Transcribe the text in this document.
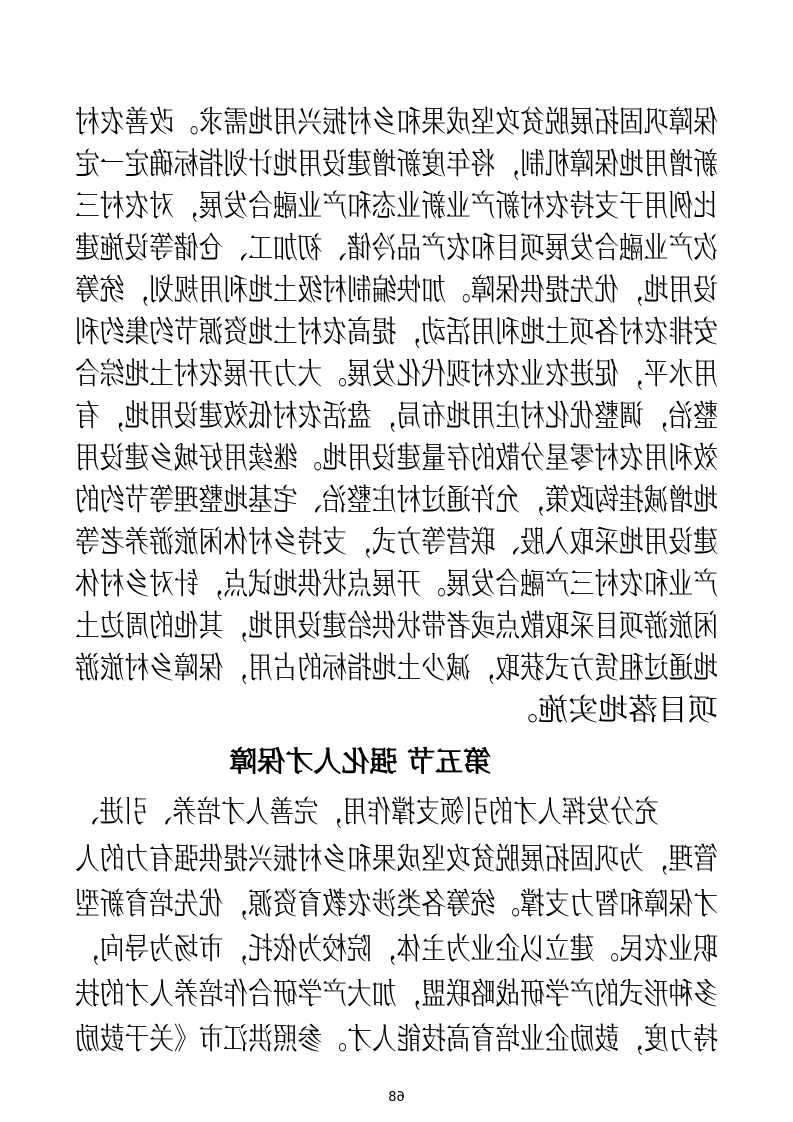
保障巩固拓展脱贫攻坚成果和乡村振兴用地需求。改善农村
新增用地保障机制，将年度新增建设用地计划指标确定一定
比例用于支持农村新产业新业态和产业融合发展，对农村三
次产业融合发展项目和农产品冷储、初加工、仓储等设施建
设用地，优先提供保障。加快编制村级土地利用规划，统筹
安排农村各项土地利用活动，提高农村土地资源节约集约利
用水平，促进农业农村现代化发展。大力开展农村土地综合
整治，调整优化村庄用地布局，盘活农村低效建设用地，有
效利用农村零星分散的存量建设用地。继续用好城乡建设用
地增减挂钩政策，允许通过村庄整治、宅基地整理等节约的
建设用地采取入股、联营等方式，支持乡村休闲旅游养老等
产业和农村三产融合发展。开展点状供地试点，针对乡村休
闲旅游项目采取散点或者带状供给建设用地，其他的周边土
地通过租赁方式获取，减少土地指标的占用，保障乡村旅游
项目落地实施。
第五节 强化人才保障
充分发挥人才的引领支撑作用，完善人才培养、引进、
管理，为巩固拓展脱贫攻坚成果和乡村振兴提供强有力的人
才保障和智力支撑。统筹各类涉农教育资源，优先培育新型
职业农民。建立以企业为主体，院校为依托，市场为导向，
多种形式的产学研战略联盟，加大产学研合作培养人才的扶
持力度，鼓励企业培育高技能人才。参照洪江市《关于鼓励
68
